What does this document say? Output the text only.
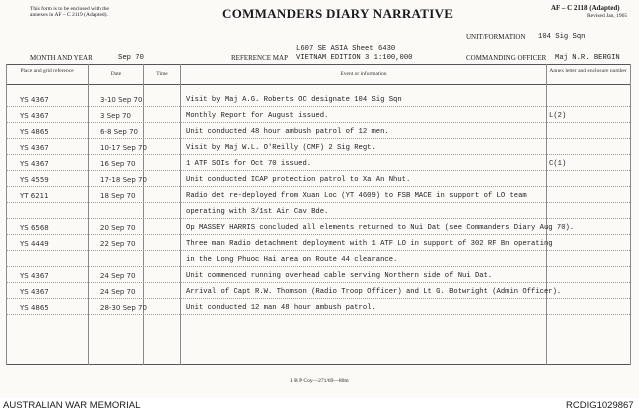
This form is to be enclosed with the
annexes in AF – C 2119 (Adapted).	COMMANDERS DIARY NARRATIVE	AF – C 2118 (Adapted)
Revised Jan, 1965
UNIT/FORMATION 104 Sig Sqn
L607 SE ASIA Sheet 6430
MONTH AND YEAR	Sep 70	REFERENCE MAP VIETNAM EDITION 3 1:100,000	COMMANDING OFFICER Maj N.R. BERGIN
Place and grid reference	Date	Time	Event or information	Annex letter and enclosure number
YS 4367	3-10 Sep 70	Visit by Maj A.G. Roberts OC designate 104 Sig Sqn
YS 4367	3 Sep 70	Monthly Report for August issued.	L(2)
YS 4865	6-8 Sep 70	Unit conducted 48 hour ambush patrol of 12 men.
YS 4367	10-17 Sep 70	Visit by Maj W.L. O'Reilly (CMF) 2 Sig Regt.
YS 4367	16 Sep 70	1 ATF SOIs for Oct 70 issued.	C(1)
YS 4559	17-18 Sep 70	Unit conducted ICAP protection patrol to Xa An Nhut.
YT 6211	18 Sep 70	Radio det re-deployed from Xuan Loc (YT 4609) to FSB MACE in support of LO team
operating with 3/1st Air Cav Bde.
YS 6568	20 Sep 70	Op MASSEY HARRIS concluded all elements returned to Nui Dat (see Commanders Diary Aug 70).
YS 4449	22 Sep 70	Three man Radio detachment deployment with 1 ATF LO in support of 302 RF Bn operating
in the Long Phuoc Hai area on Route 44 clearance.
YS 4367	24 Sep 70	Unit commenced running overhead cable serving Northern side of Nui Dat.
YS 4367	24 Sep 70	Arrival of Capt R.W. Thomson (Radio Troop Officer) and Lt G. Botwright (Admin Officer).
YS 4865	28-30 Sep 70	Unit conducted 12 man 48 hour ambush patrol.
1 B P Coy—271/69—80m
AUSTRALIAN WAR MEMORIAL	RCDIG1029867
